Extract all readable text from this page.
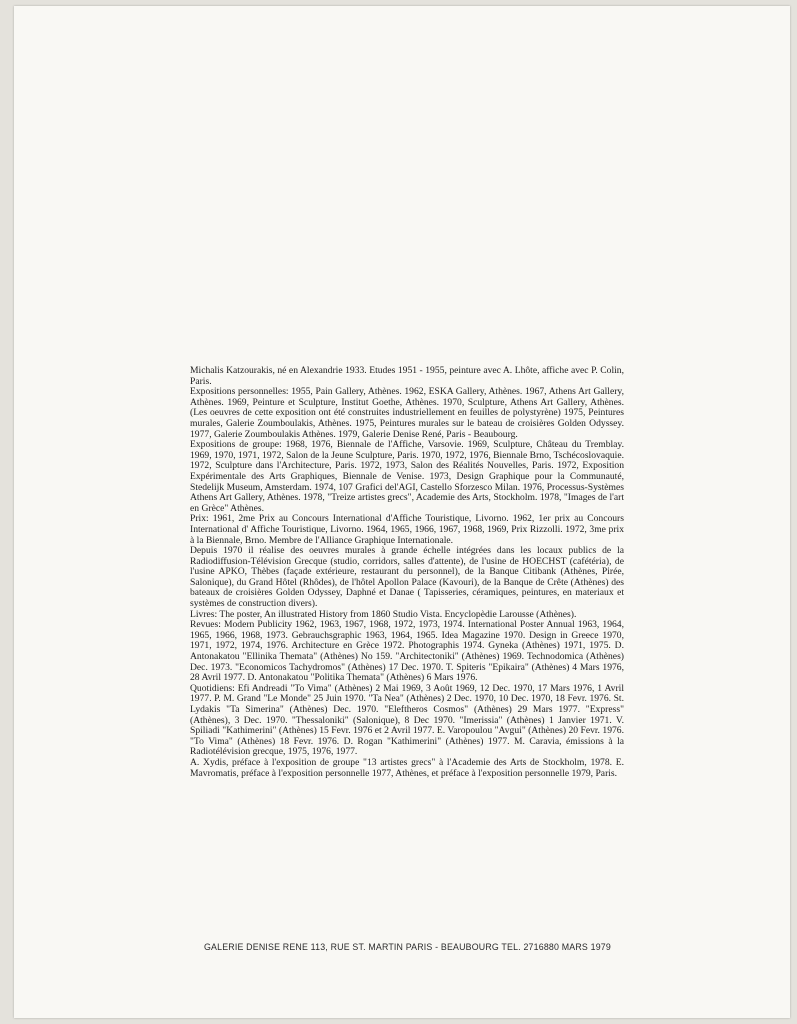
Michalis Katzourakis, né en Alexandrie 1933. Etudes 1951 - 1955, peinture avec A. Lhôte, affiche avec P. Colin, Paris.

Expositions personnelles: 1955, Pain Gallery, Athènes. 1962, ESKA Gallery, Athènes. 1967, Athens Art Gallery, Athènes. 1969, Peinture et Sculpture, Institut Goethe, Athènes. 1970, Sculpture, Athens Art Gallery, Athènes. (Les oeuvres de cette exposition ont été construites industriellement en feuilles de polystyrène) 1975, Peintures murales, Galerie Zoumboulakis, Athènes. 1975, Peintures murales sur le bateau de croisières Golden Odyssey. 1977, Galerie Zoumboulakis Athènes. 1979, Galerie Denise René, Paris - Beaubourg.

Expositions de groupe: 1968, 1976, Biennale de l'Affiche, Varsovie. 1969, Sculpture, Château du Tremblay. 1969, 1970, 1971, 1972, Salon de la Jeune Sculpture, Paris. 1970, 1972, 1976, Biennale Brno, Tschécoslovaquie. 1972, Sculpture dans l'Architecture, Paris. 1972, 1973, Salon des Réalités Nouvelles, Paris. 1972, Exposition Expérimentale des Arts Graphiques, Biennale de Venise. 1973, Design Graphique pour la Communauté, Stedelijk Museum, Amsterdam. 1974, 107 Grafici del'AGI, Castello Sforzesco Milan. 1976, Processus-Systèmes Athens Art Gallery, Athènes. 1978, "Treize artistes grecs", Academie des Arts, Stockholm. 1978, "Images de l'art en Grèce" Athènes.

Prix: 1961, 2me Prix au Concours International d'Affiche Touristique, Livorno. 1962, 1er prix au Concours International d' Affiche Touristique, Livorno. 1964, 1965, 1966, 1967, 1968, 1969, Prix Rizzolli. 1972, 3me prix à la Biennale, Brno. Membre de l'Alliance Graphique Internationale.

Depuis 1970 il réalise des oeuvres murales à grande échelle intégrées dans les locaux publics de la Radiodiffusion-Télévision Grecque (studio, corridors, salles d'attente), de l'usine de HOECHST (cafétéria), de l'usine APKO, Thèbes (façade extérieure, restaurant du personnel), de la Banque Citibank (Athènes, Pirée, Salonique), du Grand Hôtel (Rhôdes), de l'hôtel Apollon Palace (Kavouri), de la Banque de Crête (Athènes) des bateaux de croisières Golden Odyssey, Daphné et Danae ( Tapisseries, céramiques, peintures, en materiaux et systèmes de construction divers).

Livres: The poster, An illustrated History from 1860 Studio Vista. Encyclopèdie Larousse (Athènes).

Revues: Modern Publicity 1962, 1963, 1967, 1968, 1972, 1973, 1974. International Poster Annual 1963, 1964, 1965, 1966, 1968, 1973. Gebrauchsgraphic 1963, 1964, 1965. Idea Magazine 1970. Design in Greece 1970, 1971, 1972, 1974, 1976. Architecture en Grèce 1972. Photographis 1974. Gyneka (Athènes) 1971, 1975. D. Antonakatou "Ellinika Themata" (Athènes) No 159. "Architectoniki" (Athènes) 1969. Technodomica (Athènes) Dec. 1973. "Economicos Tachydromos" (Athènes) 17 Dec. 1970. T. Spiteris "Epikaira" (Athènes) 4 Mars 1976, 28 Avril 1977. D. Antonakatou "Politika Themata" (Athènes) 6 Mars 1976.

Quotidiens: Efi Andreadi "To Vima" (Athènes) 2 Mai 1969, 3 Août 1969, 12 Dec. 1970, 17 Mars 1976, 1 Avril 1977. P. M. Grand "Le Monde" 25 Juin 1970. "Ta Nea" (Athènes) 2 Dec. 1970, 10 Dec. 1970, 18 Fevr. 1976. St. Lydakis "Ta Simerina" (Athènes) Dec. 1970. "Eleftheros Cosmos" (Athènes) 29 Mars 1977. "Express" (Athènes), 3 Dec. 1970. "Thessaloniki" (Salonique), 8 Dec 1970. "Imerissia" (Athènes) 1 Janvier 1971. V. Spiliadi "Kathimerini" (Athènes) 15 Fevr. 1976 et 2 Avril 1977. E. Varopoulou "Avgui" (Athènes) 20 Fevr. 1976. "To Vima" (Athènes) 18 Fevr. 1976. D. Rogan "Kathimerini" (Athènes) 1977. M. Caravia, émissions à la Radiotélévision grecque, 1975, 1976, 1977.

A. Xydis, préface à l'exposition de groupe "13 artistes grecs" à l'Academie des Arts de Stockholm, 1978. E. Mavromatis, préface à l'exposition personnelle 1977, Athènes, et préface à l'exposition personnelle 1979, Paris.

GALERIE DENISE RENE 113, RUE ST. MARTIN PARIS - BEAUBOURG TEL. 2716880 MARS 1979
